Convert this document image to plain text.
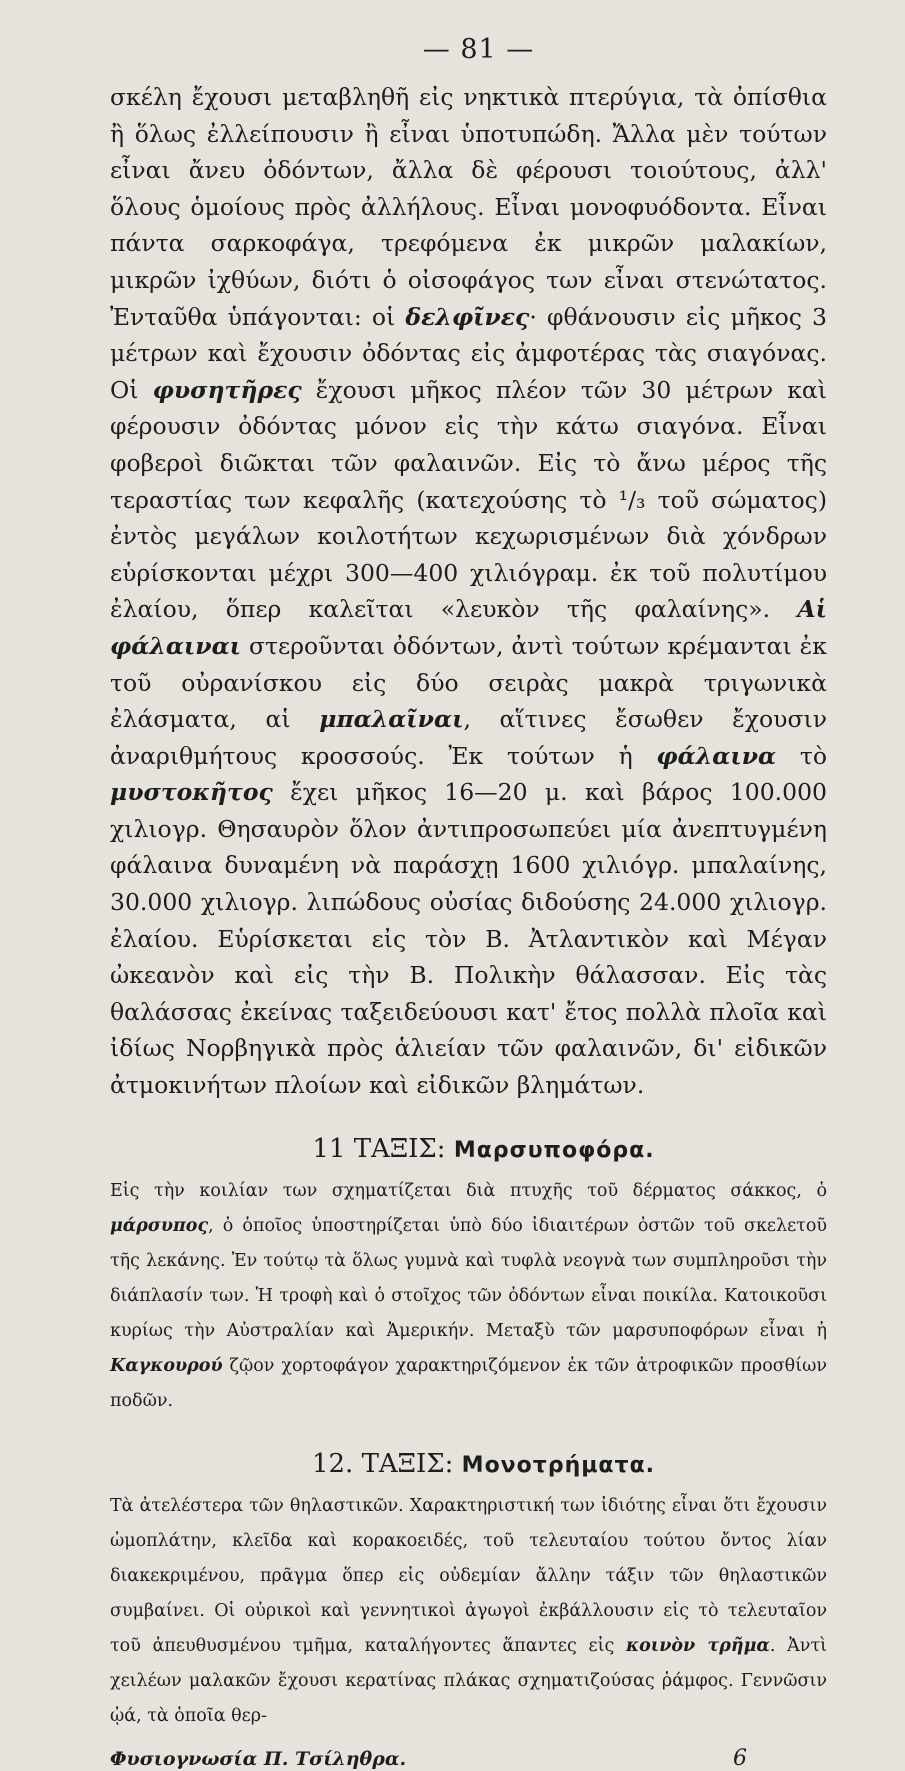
— 81 —

σκέλη ἔχουσι μεταβληθῆ εἰς νηκτικὰ πτερύγια, τὰ ὀπίσθια ἢ ὅλως ἐλλείπουσιν ἢ εἶναι ὑποτυπώδη. Ἄλλα μὲν τούτων εἶναι ἄνευ ὀδόντων, ἄλλα δὲ φέρουσι τοιούτους, ἀλλ' ὅλους ὁμοίους πρὸς ἀλλήλους. Εἶναι μονοφυόδοντα. Εἶναι πάντα σαρκοφάγα, τρεφόμενα ἐκ μικρῶν μαλακίων, μικρῶν ἰχθύων, διότι ὁ οἰσοφάγος των εἶναι στενώτατος. Ἐνταῦθα ὑπάγονται: οἱ δελφῖνες· φθάνουσιν εἰς μῆκος 3 μέτρων καὶ ἔχουσιν ὀδόντας εἰς ἀμφοτέρας τὰς σιαγόνας. Οἱ φυσητῆρες ἔχουσι μῆκος πλέον τῶν 30 μέτρων καὶ φέρουσιν ὀδόντας μόνον εἰς τὴν κάτω σιαγόνα. Εἶναι φοβεροὶ διῶκται τῶν φαλαινῶν. Εἰς τὸ ἄνω μέρος τῆς τεραστίας των κεφαλῆς (κατεχούσης τὸ ¹/₃ τοῦ σώματος) ἐντὸς μεγάλων κοιλοτήτων κεχωρισμένων διὰ χόνδρων εὑρίσκονται μέχρι 300—400 χιλιόγραμ. ἐκ τοῦ πολυτίμου ἐλαίου, ὅπερ καλεῖται «λευκὸν τῆς φαλαίνης». Αἱ φάλαιναι στεροῦνται ὀδόντων, ἀντὶ τούτων κρέμανται ἐκ τοῦ οὐρανίσκου εἰς δύο σειρὰς μακρὰ τριγωνικὰ ἐλάσματα, αἱ μπαλαῖναι, αἵτινες ἔσωθεν ἔχουσιν ἀναριθμήτους κροσσούς. Ἐκ τούτων ἡ φάλαινα τὸ μυστοκῆτος ἔχει μῆκος 16—20 μ. καὶ βάρος 100.000 χιλιογρ. Θησαυρὸν ὅλον ἀντιπροσωπεύει μία ἀνεπτυγμένη φάλαινα δυναμένη νὰ παράσχῃ 1600 χιλιόγρ. μπαλαίνης, 30.000 χιλιογρ. λιπώδους οὐσίας διδούσης 24.000 χιλιογρ. ἐλαίου. Εὑρίσκεται εἰς τὸν Β. Ἀτλαντικὸν καὶ Μέγαν ὠκεανὸν καὶ εἰς τὴν Β. Πολικὴν θάλασσαν. Εἰς τὰς θαλάσσας ἐκείνας ταξειδεύουσι κατ' ἔτος πολλὰ πλοῖα καὶ ἰδίως Νορβηγικὰ πρὸς ἁλιείαν τῶν φαλαινῶν, δι' εἰδικῶν ἀτμοκινήτων πλοίων καὶ εἰδικῶν βλημάτων.

11 ΤΑΞΙΣ: Μαρσυποφόρα.

Εἰς τὴν κοιλίαν των σχηματίζεται διὰ πτυχῆς τοῦ δέρματος σάκκος, ὁ μάρσυπος, ὁ ὁποῖος ὑποστηρίζεται ὑπὸ δύο ἰδιαιτέρων ὀστῶν τοῦ σκελετοῦ τῆς λεκάνης. Ἐν τούτῳ τὰ ὅλως γυμνὰ καὶ τυφλὰ νεογνὰ των συμπληροῦσι τὴν διάπλασίν των. Ἡ τροφὴ καὶ ὁ στοῖχος τῶν ὀδόντων εἶναι ποικίλα. Κατοικοῦσι κυρίως τὴν Αὐστραλίαν καὶ Ἀμερικήν. Μεταξὺ τῶν μαρσυποφόρων εἶναι ἡ Καγκουρού ζῷον χορτοφάγον χαρακτηριζόμενον ἐκ τῶν ἀτροφικῶν προσθίων ποδῶν.

12. ΤΑΞΙΣ: Μονοτρήματα.

Τὰ ἀτελέστερα τῶν θηλαστικῶν. Χαρακτηριστική των ἰδιότης εἶναι ὅτι ἔχουσιν ὠμοπλάτην, κλεῖδα καὶ κορακοειδές, τοῦ τελευταίου τούτου ὄντος λίαν διακεκριμένου, πρᾶγμα ὅπερ εἰς οὐδεμίαν ἄλλην τάξιν τῶν θηλαστικῶν συμβαίνει. Οἱ οὐρικοὶ καὶ γεννητικοὶ ἀγωγοὶ ἐκβάλλουσιν εἰς τὸ τελευταῖον τοῦ ἀπευθυσμένου τμῆμα, καταλήγοντες ἅπαντες εἰς κοινὸν τρῆμα. Ἀντὶ χειλέων μαλακῶν ἔχουσι κερατίνας πλάκας σχηματιζούσας ῥάμφος. Γεννῶσιν ᾠά, τὰ ὁποῖα θερ-

Φυσιογνωσία Π. Τσίληθρα.	6
